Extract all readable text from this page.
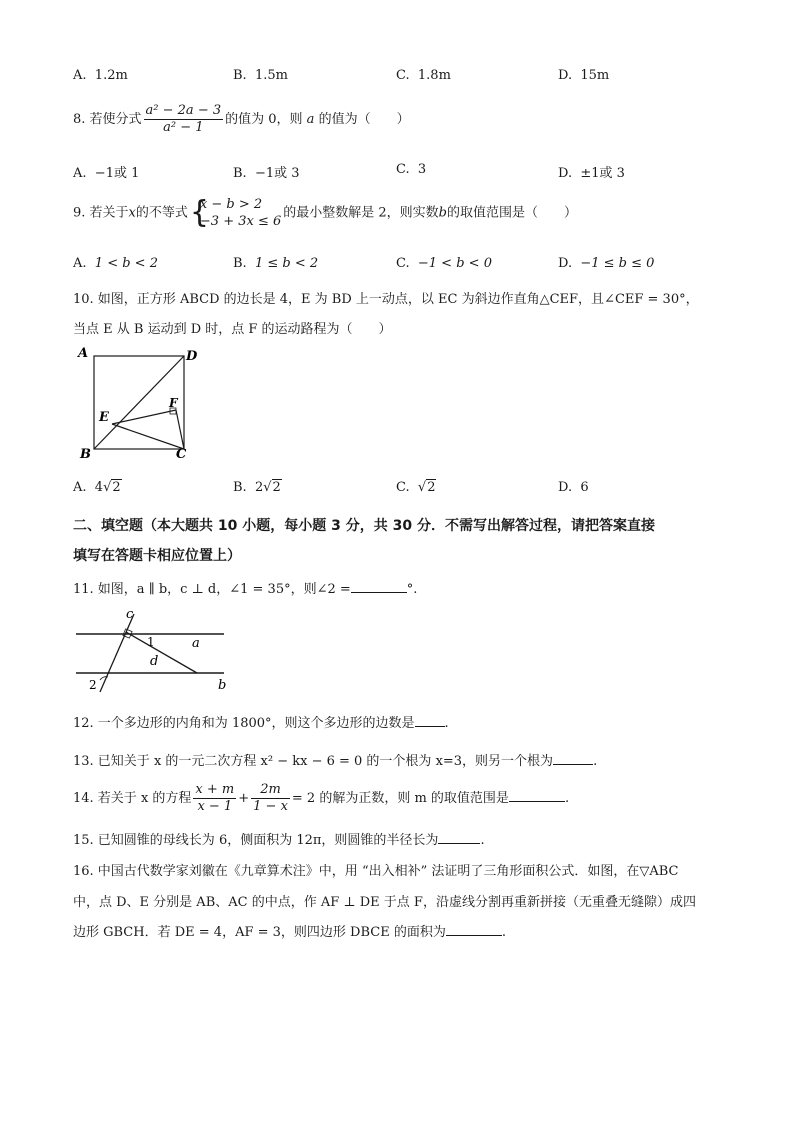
A. 1.2m	B. 1.5m	C. 1.8m	D. 15m
8. 若使分式 $\frac{\text{a² − 2a − 3}}{\text{a² − 1}}$ 的值为 0，则 a 的值为（　　）
A. −1或 1	B. −1或 3	C. 3	D. ±1或 3
9. 若关于x的不等式 {
x − b > 2
−3 + 3x ≤ 6
的最小整数解是 2，则实数b的取值范围是（　　）
A. 1 < b < 2	B. 1 ≤ b < 2	C. −1 < b < 0	D. −1 ≤ b ≤ 0
10. 如图，正方形 ABCD 的边长是 4，E 为 BD 上一动点，以 EC 为斜边作直角△CEF，且∠CEF = 30°，
当点 E 从 B 运动到 D 时，点 F 的运动路程为（　　）
A	D
E
F
B	C
A. 4√2	B. 2√2	C. √2	D. 6
二、填空题（本大题共 10 小题，每小题 3 分，共 30 分．不需写出解答过程，请把答案直接
填写在答题卡相应位置上）
11. 如图，a ∥ b，c ⊥ d，∠1 = 35°，则∠2 =	°.
c
1	a
d
2	b
12. 一个多边形的内角和为 1800°，则这个多边形的边数是 .
13. 已知关于 x 的一元二次方程 x² − kx − 6 = 0 的一个根为 x=3，则另一个根为	.
14. 若关于 x 的方程 $\frac{x + m}{x - 1} + \frac{2m}{1 - x} = 2$ 的解为正数，则 m 的取值范围是	.
15. 已知圆锥的母线长为 6，侧面积为 12π，则圆锥的半径长为	.
16. 中国古代数学家刘徽在《九章算术注》中，用 “出入相补” 法证明了三角形面积公式．如图，在▽ABC
中，点 D、E 分别是 AB、AC 的中点，作 AF ⊥ DE 于点 F，沿虚线分割再重新拼接（无重叠无缝隙）成四
边形 GBCH．若 DE = 4，AF = 3，则四边形 DBCE 的面积为	.
